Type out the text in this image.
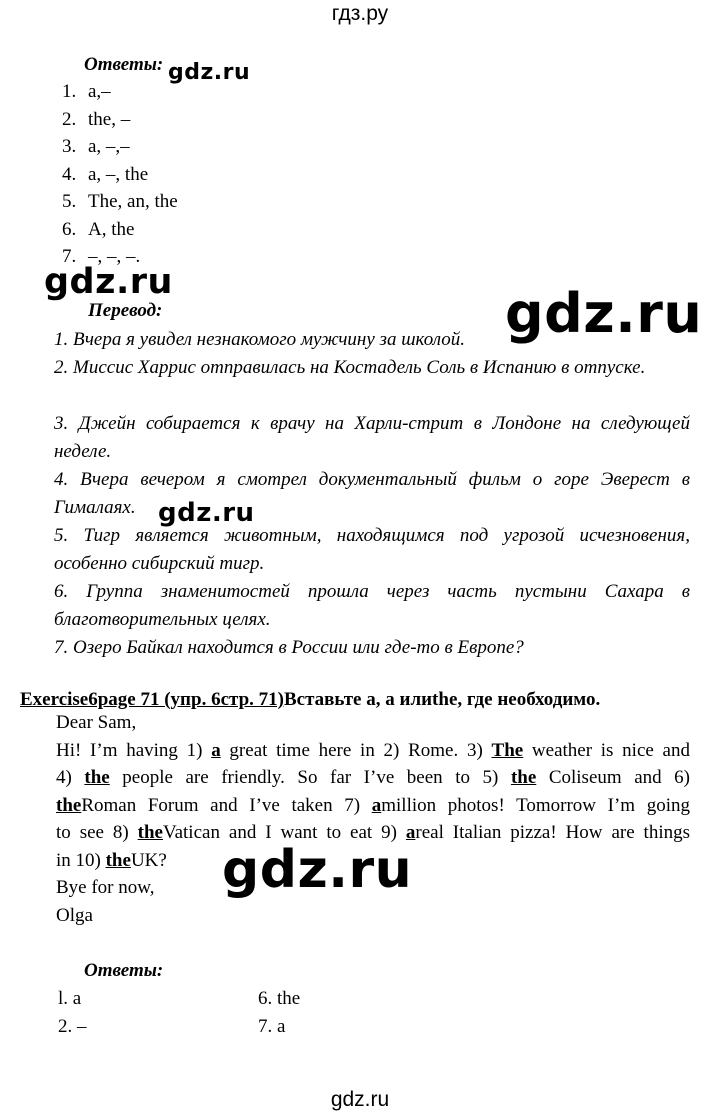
гдз.ру
gdz.ru
gdz.ru	gdz.ru
gdz.ru
gdz.ru
Ответы:
1. a,–
2. the, –
3. a, –,–
4. a, –, the
5. The, an, the
6. A, the
7. –, –, –.
Перевод:
1. Вчера я увидел незнакомого мужчину за школой.
2. Миссис Харрис отправилась на Костадель Соль в Испанию в отпуске.
3. Джейн собирается к врачу на Харли-стрит в Лондоне на следующей неделе.
4. Вчера вечером я смотрел документальный фильм о горе Эверест в Гималаях.
5. Тигр является животным, находящимся под угрозой исчезновения, особенно сибирский тигр.
6. Группа знаменитостей прошла через часть пустыни Сахара в благотворительных целях.
7. Озеро Байкал находится в России или где-то в Европе?
Exercise6page 71 (упр. 6стр. 71)Вставьте a, a илиthe, где необходимо.
Dear Sam,
Hi! I’m having 1) a great time here in 2) Rome. 3) The weather is nice and
4) the people are friendly. So far I’ve been to 5) the Coliseum and 6)
theRoman Forum and I’ve taken 7) amillion photos! Tomorrow I’m going
to see 8) theVatican and I want to eat 9) areal Italian pizza! How are things
in 10) theUK?
Bye for now,
Olga
Ответы:
l. a
2. –
6. the
7. a
gdz.ru
